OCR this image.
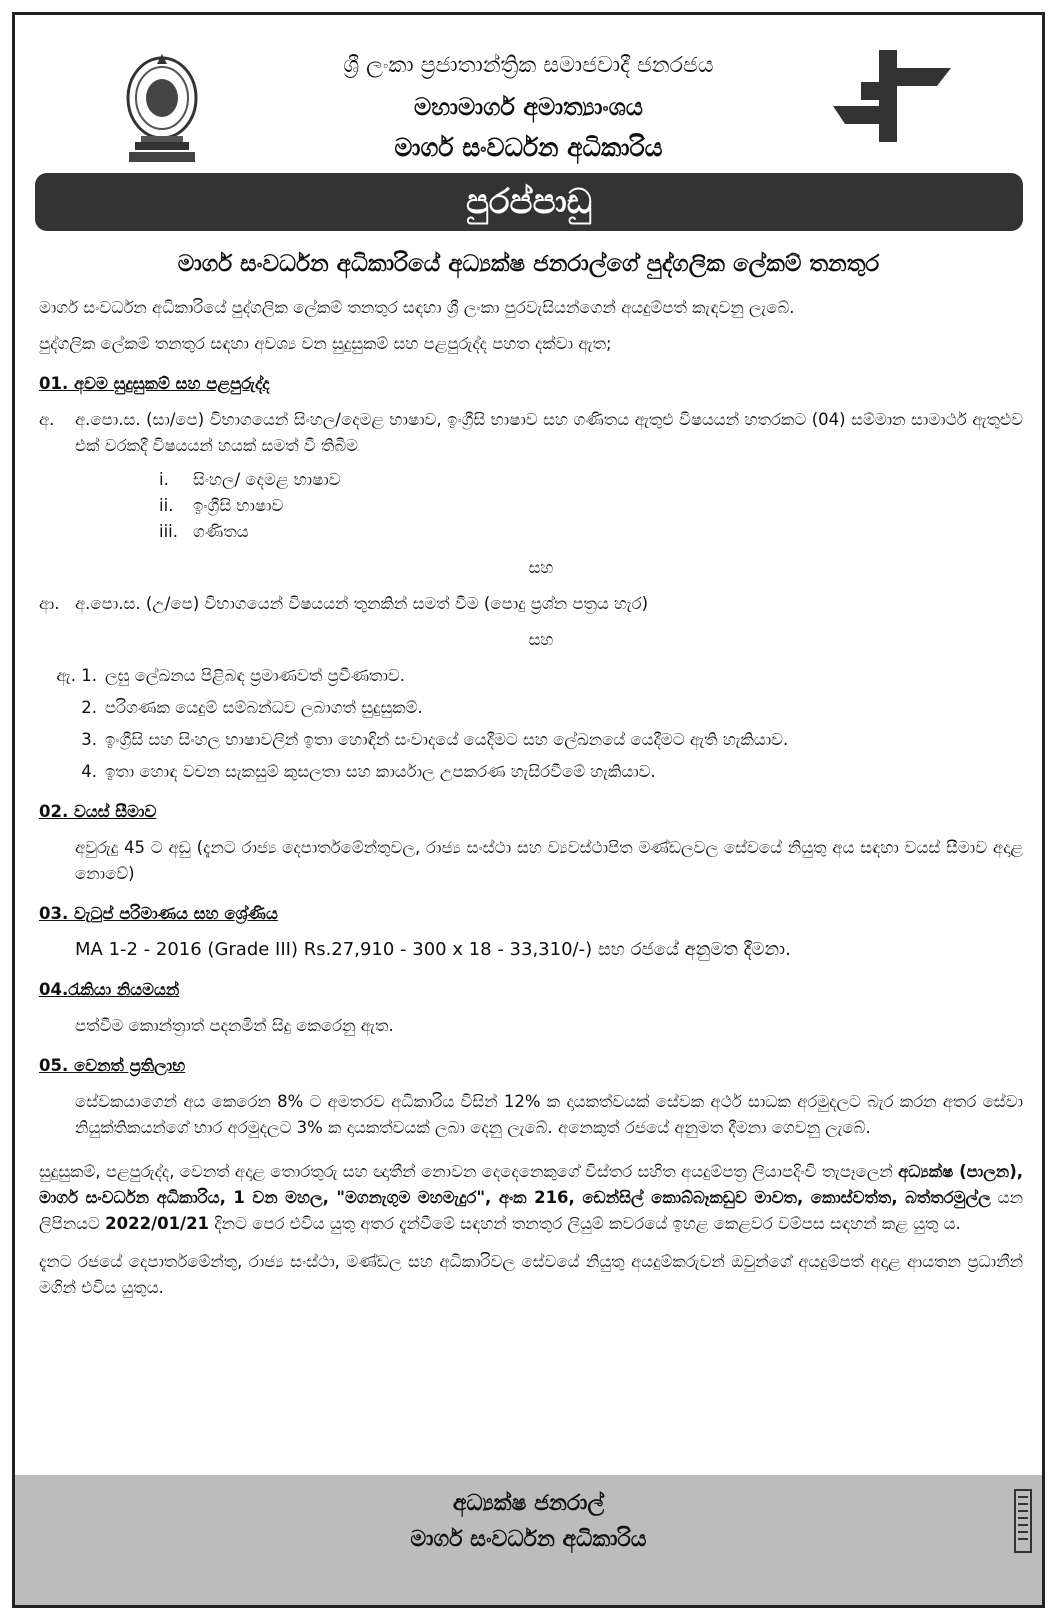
ශ්‍රී ලංකා ප්‍රජාතාන්ත්‍රික සමාජවාදී ජනරජය
මහාමාර්ග අමාත්‍යාංශය
මාර්ග සංවර්ධන අධිකාරිය
පුරප්පාඩු
මාර්ග සංවර්ධන අධිකාරියේ අධ්‍යක්ෂ ජනරාල්ගේ පුද්ගලික ලේකම් තනතුර

මාර්ග සංවර්ධන අධිකාරියේ පුද්ගලික ලේකම් තනතුර සඳහා ශ්‍රී ලංකා පුරවැසියන්ගෙන් අයදුම්පත් කැඳවනු ලැබේ.

පුද්ගලික ලේකම් තනතුර සඳහා අවශ්‍ය වන සුදුසුකම් සහ පළපුරුද්ද පහත දක්වා ඇත;

01. අවම සුදුසුකම් සහ පළපුරුද්ද
අ.	අ.පො.ස. (සා/පෙ) විභාගයෙන් සිංහල/දෙමළ භාෂාව, ඉංග්‍රීසි භාෂාව සහ ගණිතය ඇතුළු විෂයයන් හතරකට (04) සම්මාන සාමාර්ථ ඇතුළුව එක් වරකදී විෂයයන් හයක් සමත් වී තිබීම
i.	සිංහල/ දෙමළ භාෂාව
ii.	ඉංග්‍රීසි භාෂාව
iii. ගණිතය
සහ
ආ. අ.පො.ස. (උ/පෙ) විභාගයෙන් විෂයයන් තුනකින් සමත් වීම (පොදු ප්‍රශ්න පත්‍රය හැර)
සහ
ඇ. 1. ලඝු ලේඛනය පිළිබඳ ප්‍රමාණවත් ප්‍රවීණතාව.
2. පරිගණක යෙදුම් සම්බන්ධව ලබාගත් සුදුසුකම්.
3. ඉංග්‍රීසි සහ සිංහල භාෂාවලින් ඉතා හොඳින් සංවාදයේ යෙදීමට සහ ලේඛනයේ යෙදීමට ඇති හැකියාව.
4. ඉතා හොඳ වචන සැකසුම් කුසලතා සහ කාර්යාල උපකරණ හැසිරවීමේ හැකියාව.
02. වයස් සීමාව
අවුරුදු 45 ට අඩු (දැනට රාජ්‍ය දෙපාර්තමේන්තුවල, රාජ්‍ය සංස්ථා සහ ව්‍යවස්ථාපිත මණ්ඩලවල සේවයේ නියුතු අය සඳහා වයස් සීමාව අදාළ නොවේ)
03. වැටුප් පරිමාණය සහ ශ්‍රේණිය
MA 1-2 - 2016 (Grade III) Rs.27,910 - 300 x 18 - 33,310/-) සහ රජයේ අනුමත දීමනා.
04.රැකියා නියමයන්
පත්වීම කොන්ත්‍රාත් පදනමින් සිදු කෙරෙනු ඇත.
05. වෙනත් ප්‍රතිලාභ
සේවකයාගෙන් අය කෙරෙන 8% ට අමතරව අධිකාරිය විසින් 12% ක දායකත්වයක් සේවක අර්ථ සාධක අරමුදලට බැර කරන අතර සේවා නියුක්තිකයන්ගේ භාර අරමුදලට 3% ක දායකත්වයක් ලබා දෙනු ලැබේ. අනෙකුත් රජයේ අනුමත දීමනා ගෙවනු ලැබේ.

සුදුසුකම්, පළපුරුද්ද, වෙනත් අදාළ තොරතුරු සහ ඥාතීන් නොවන දෙදෙනෙකුගේ විස්තර සහිත අයදුම්පත්‍ර ලියාපදිංචි තැපෑලෙන් අධ්‍යක්ෂ (පාලන), මාර්ග සංවර්ධන අධිකාරිය, 1 වන මහල, "මගනැගුම මහමැදුර", අංක 216, ඩෙන්සිල් කොබ්බෑකඩුව මාවත, කොස්වත්ත, බත්තරමුල්ල යන ලිපිනයට 2022/01/21 දිනට පෙර එවිය යුතු අතර දැන්වීමේ සඳහන් තනතුර ලියුම් කවරයේ ඉහළ කෙළවර වම්පස සඳහන් කළ යුතු ය.

දැනට රජයේ දෙපාර්තමේන්තු, රාජ්‍ය සංස්ථා, මණ්ඩල සහ අධිකාරිවල සේවයේ නියුතු අයදුම්කරුවන් ඔවුන්ගේ අයදුම්පත් අදාළ ආයතන ප්‍රධානීන් මගින් එවිය යුතුය.

අධ්‍යක්ෂ ජනරාල්
මාර්ග සංවර්ධන අධිකාරිය
